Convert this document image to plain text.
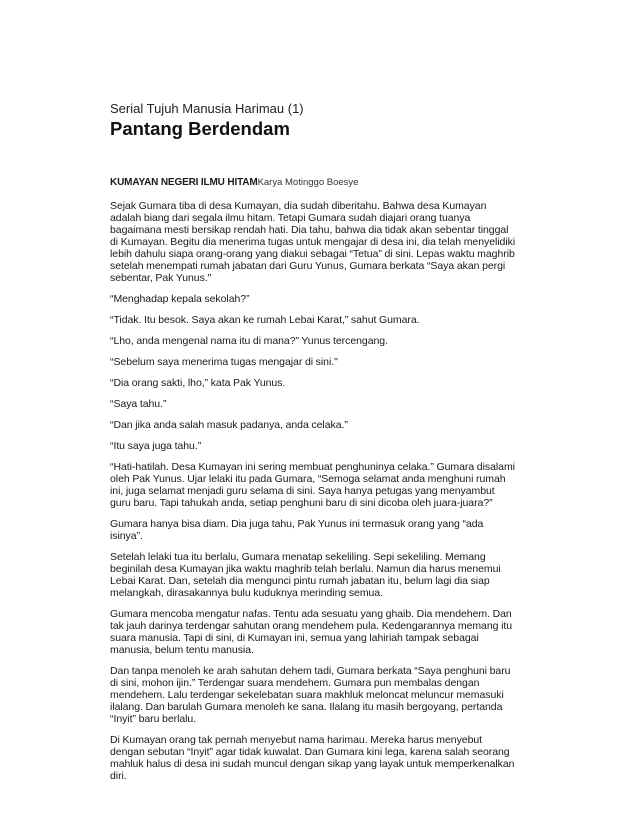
Serial Tujuh Manusia Harimau (1)

Pantang Berdendam

KUMAYAN NEGERI ILMU HITAMKarya Motinggo Boesye

Sejak Gumara tiba di desa Kumayan, dia sudah diberitahu. Bahwa desa Kumayan adalah biang dari segala ilmu hitam. Tetapi Gumara sudah diajari orang tuanya bagaimana mesti bersikap rendah hati. Dia tahu, bahwa dia tidak akan sebentar tinggal di Kumayan. Begitu dia menerima tugas untuk mengajar di desa ini, dia telah menyelidiki lebih dahulu siapa orang-orang yang diakui sebagai “Tetua” di sini. Lepas waktu maghrib setelah menempati rumah jabatan dari Guru Yunus, Gumara berkata “Saya akan pergi sebentar, Pak Yunus."

“Menghadap kepala sekolah?”

“Tidak. Itu besok. Saya akan ke rumah Lebai Karat,” sahut Gumara.

“Lho, anda mengenal nama itu di mana?” Yunus tercengang.

“Sebelum saya menerima tugas mengajar di sini."

“Dia orang sakti, lho,” kata Pak Yunus.

“Saya tahu.”

“Dan jika anda salah masuk padanya, anda celaka.”

“Itu saya juga tahu.”

“Hati-hatilah. Desa Kumayan ini sering membuat penghuninya celaka.” Gumara disalami oleh Pak Yunus. Ujar lelaki itu pada Gumara, “Semoga selamat anda menghuni rumah ini, juga selamat menjadi guru selama di sini. Saya hanya petugas yang menyambut guru baru. Tapi tahukah anda, setiap penghuni baru di sini dicoba oleh juara-juara?”

Gumara hanya bisa diam. Dia juga tahu, Pak Yunus ini termasuk orang yang “ada isinya”.

Setelah lelaki tua itu berlalu, Gumara menatap sekeliling. Sepi sekeliling. Memang beginilah desa Kumayan jika waktu maghrib telah berlalu. Namun dia harus menemui Lebai Karat. Dan, setelah dia mengunci pintu rumah jabatan itu, belum lagi dia siap melangkah, dirasakannya bulu kuduknya merinding semua.

Gumara mencoba mengatur nafas. Tentu ada sesuatu yang ghaib. Dia mendehem. Dan tak jauh darinya terdengar sahutan orang mendehem pula. Kedengarannya memang itu suara manusia. Tapi di sini, di Kumayan ini, semua yang lahiriah tampak sebagai manusia, belum tentu manusia.

Dan tanpa menoleh ke arah sahutan dehem tadi, Gumara berkata “Saya penghuni baru di sini, mohon ijin.” Terdengar suara mendehem. Gumara pun membalas dengan mendehem. Lalu terdengar sekelebatan suara makhluk meloncat meluncur memasuki ilalang. Dan barulah Gumara menoleh ke sana. Ilalang itu masih bergoyang, pertanda “Inyit” baru berlalu.

Di Kumayan orang tak pernah menyebut nama harimau. Mereka harus menyebut dengan sebutan “Inyit” agar tidak kuwalat. Dan Gumara kini lega, karena salah seorang mahluk halus di desa ini sudah muncul dengan sikap yang layak untuk memperkenalkan diri.
